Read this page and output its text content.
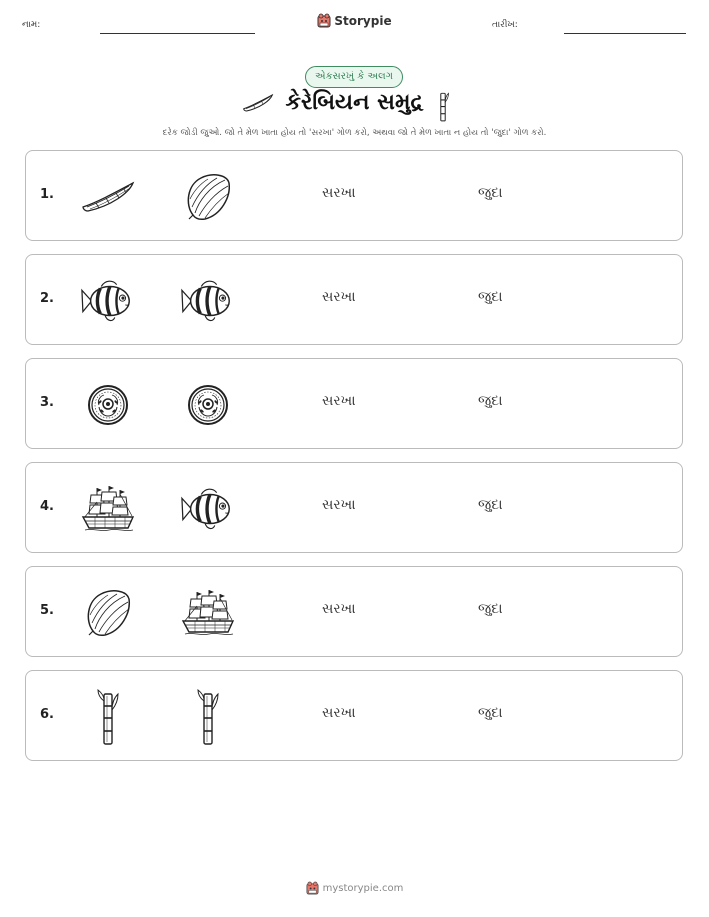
નામ:	Storypie	તારીખ:
એકસરખું કે અલગ
કેરેબિયન સમુદ્ર
દરેક જોડી જુઓ. જો તે મેળ ખાતા હોય તો 'સરખા' ગોળ કરો, અથવા જો તે મેળ ખાતા ન હોય તો 'જુદા' ગોળ કરો.
1.	સરખા	જુદા
2.	સરખા	જુદા
3.	સરખા	જુદા
4.	સરખા	જુદા
5.	સરખા	જુદા
6.	સરખા	જુદા
mystorypie.com
